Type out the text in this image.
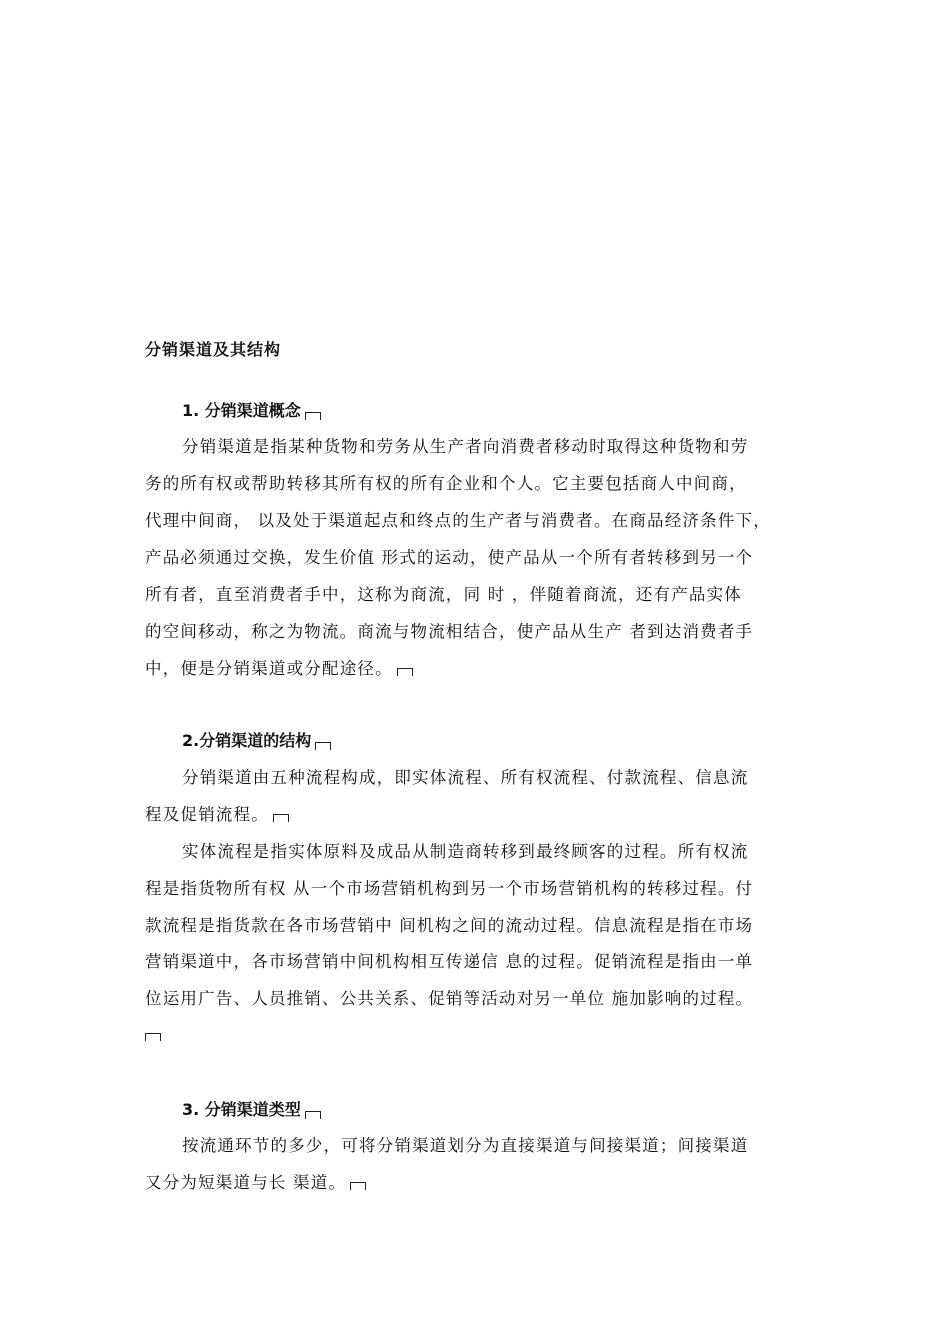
分销渠道及其结构
1. 分销渠道概念
分销渠道是指某种货物和劳务从生产者向消费者移动时取得这种货物和劳
务的所有权或帮助转移其所有权的所有企业和个人。它主要包括商人中间商，
代理中间商， 以及处于渠道起点和终点的生产者与消费者。在商品经济条件下，
产品必须通过交换，发生价值 形式的运动，使产品从一个所有者转移到另一个
所有者，直至消费者手中，这称为商流，同 时 ，伴随着商流，还有产品实体
的空间移动，称之为物流。商流与物流相结合，使产品从生产 者到达消费者手
中，便是分销渠道或分配途径。
2.分销渠道的结构
分销渠道由五种流程构成，即实体流程、所有权流程、付款流程、信息流
程及促销流程。
实体流程是指实体原料及成品从制造商转移到最终顾客的过程。所有权流
程是指货物所有权 从一个市场营销机构到另一个市场营销机构的转移过程。付
款流程是指货款在各市场营销中 间机构之间的流动过程。信息流程是指在市场
营销渠道中，各市场营销中间机构相互传递信 息的过程。促销流程是指由一单
位运用广告、人员推销、公共关系、促销等活动对另一单位 施加影响的过程。
3. 分销渠道类型
按流通环节的多少，可将分销渠道划分为直接渠道与间接渠道；间接渠道
又分为短渠道与长 渠道。
